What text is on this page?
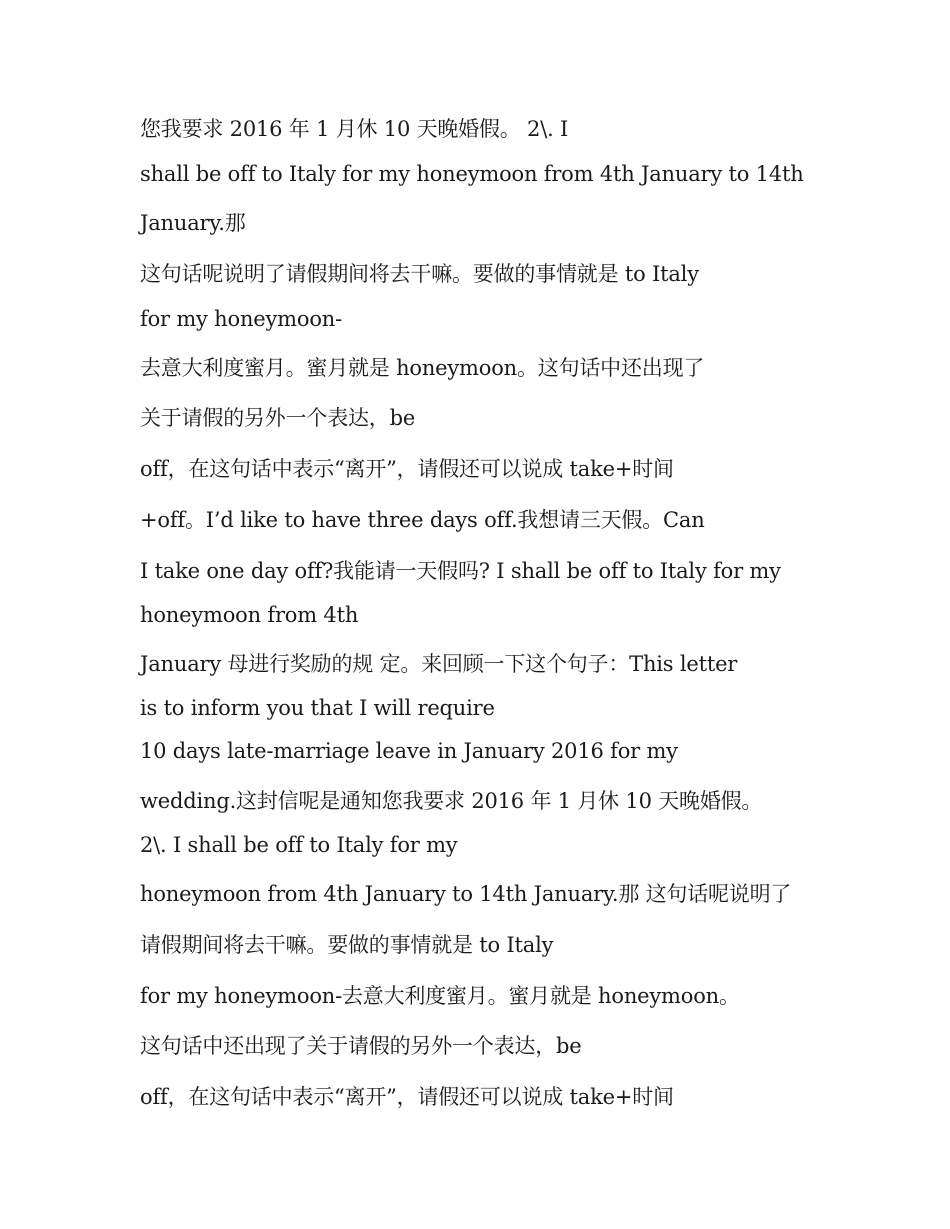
您我要求 2016 年 1 月休 10 天晚婚假。 2\. I
shall be off to Italy for my honeymoon from 4th January to 14th
January.那
这句话呢说明了请假期间将去干嘛。要做的事情就是 to Italy
for my honeymoon-
去意大利度蜜月。蜜月就是 honeymoon。这句话中还出现了
关于请假的另外一个表达，be
off，在这句话中表示“离开”，请假还可以说成 take+时间
+off。I’d like to have three days off.我想请三天假。Can
I take one day off?我能请一天假吗? I shall be off to Italy for my
honeymoon from 4th
January 母进行奖励的规 定。来回顾一下这个句子：This letter
is to inform you that I will require
10 days late-marriage leave in January 2016 for my
wedding.这封信呢是通知您我要求 2016 年 1 月休 10 天晚婚假。
2\. I shall be off to Italy for my
honeymoon from 4th January to 14th January.那 这句话呢说明了
请假期间将去干嘛。要做的事情就是 to Italy
for my honeymoon-去意大利度蜜月。蜜月就是 honeymoon。
这句话中还出现了关于请假的另外一个表达，be
off，在这句话中表示“离开”，请假还可以说成 take+时间
